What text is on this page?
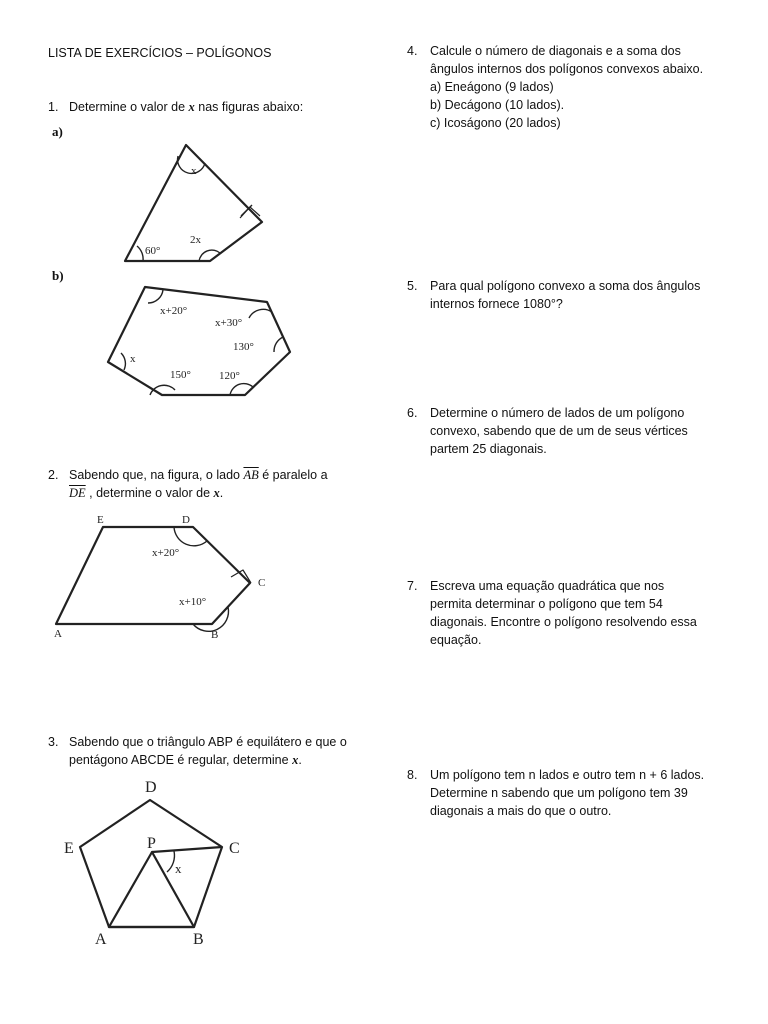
LISTA DE EXERCÍCIOS – POLÍGONOS
1. Determine o valor de x nas figuras abaixo:
a)
b)
x
2x
60°
x+20°
x+30°
130°
x
150°	120°
E	D
C
A	B
x+20°
x+10°
D
E	C
P
A	B
x
2. Sabendo que, na figura, o lado $\overline{AB}$ é paralelo a
$\overline{DE}$ , determine o valor de x.
3. Sabendo que o triângulo ABP é equilátero e que o
pentágono ABCDE é regular, determine x.
4. Calcule o número de diagonais e a soma dos
ângulos internos dos polígonos convexos abaixo.
a) Eneágono (9 lados)
b) Decágono (10 lados).
c) Icoságono (20 lados)
5. Para qual polígono convexo a soma dos ângulos
internos fornece 1080°?
6. Determine o número de lados de um polígono
convexo, sabendo que de um de seus vértices
partem 25 diagonais.
7. Escreva uma equação quadrática que nos
permita determinar o polígono que tem 54
diagonais. Encontre o polígono resolvendo essa
equação.
8. Um polígono tem n lados e outro tem n + 6 lados.
Determine n sabendo que um polígono tem 39
diagonais a mais do que o outro.
